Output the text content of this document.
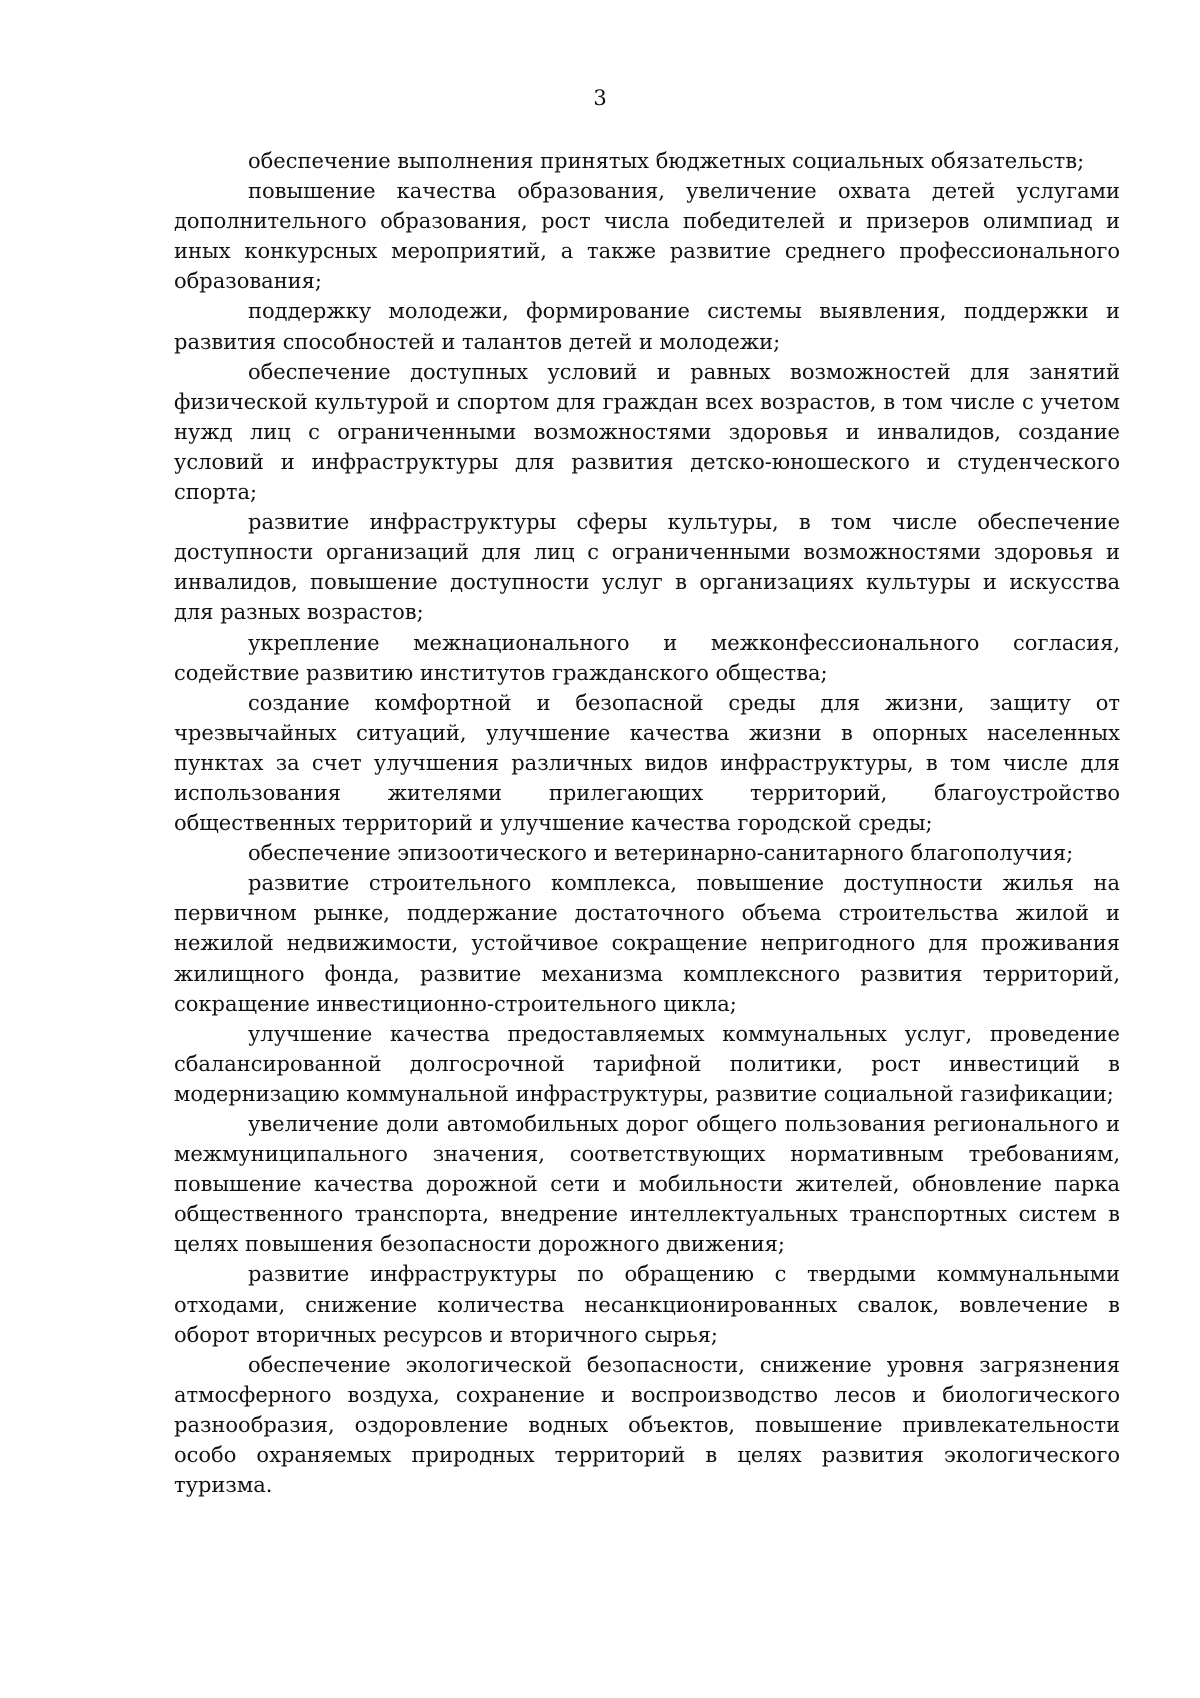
3

обеспечение выполнения принятых бюджетных социальных обязательств;

повышение качества образования, увеличение охвата детей услугами дополнительного образования, рост числа победителей и призеров олимпиад и иных конкурсных мероприятий, а также развитие среднего профессионального образования;

поддержку молодежи, формирование системы выявления, поддержки и развития способностей и талантов детей и молодежи;

обеспечение доступных условий и равных возможностей для занятий физической культурой и спортом для граждан всех возрастов, в том числе с учетом нужд лиц с ограниченными возможностями здоровья и инвалидов, создание условий и инфраструктуры для развития детско-юношеского и студенческого спорта;

развитие инфраструктуры сферы культуры, в том числе обеспечение доступности организаций для лиц с ограниченными возможностями здоровья и инвалидов, повышение доступности услуг в организациях культуры и искусства для разных возрастов;

укрепление межнационального и межконфессионального согласия, содействие развитию институтов гражданского общества;

создание комфортной и безопасной среды для жизни, защиту от чрезвычайных ситуаций, улучшение качества жизни в опорных населенных пунктах за счет улучшения различных видов инфраструктуры, в том числе для использования жителями прилегающих территорий, благоустройство общественных территорий и улучшение качества городской среды;

обеспечение эпизоотического и ветеринарно-санитарного благополучия;

развитие строительного комплекса, повышение доступности жилья на первичном рынке, поддержание достаточного объема строительства жилой и нежилой недвижимости, устойчивое сокращение непригодного для проживания жилищного фонда, развитие механизма комплексного развития территорий, сокращение инвестиционно-строительного цикла;

улучшение качества предоставляемых коммунальных услуг, проведение сбалансированной долгосрочной тарифной политики, рост инвестиций в модернизацию коммунальной инфраструктуры, развитие социальной газификации;

увеличение доли автомобильных дорог общего пользования регионального и межмуниципального значения, соответствующих нормативным требованиям, повышение качества дорожной сети и мобильности жителей, обновление парка общественного транспорта, внедрение интеллектуальных транспортных систем в целях повышения безопасности дорожного движения;

развитие инфраструктуры по обращению с твердыми коммунальными отходами, снижение количества несанкционированных свалок, вовлечение в оборот вторичных ресурсов и вторичного сырья;

обеспечение экологической безопасности, снижение уровня загрязнения атмосферного воздуха, сохранение и воспроизводство лесов и биологического разнообразия, оздоровление водных объектов, повышение привлекательности особо охраняемых природных территорий в целях развития экологического туризма.
